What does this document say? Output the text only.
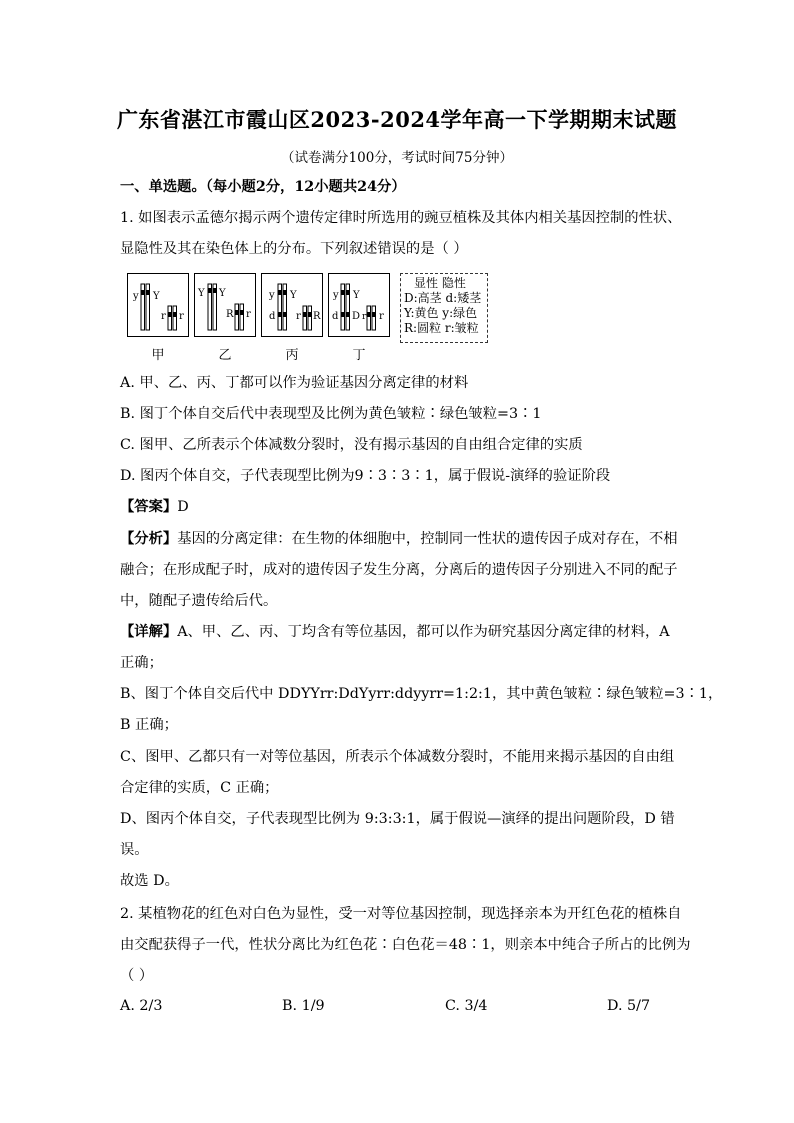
广东省湛江市霞山区2023-2024学年高一下学期期末试题
（试卷满分100分，考试时间75分钟）
一、单选题。（每小题2分，12小题共24分）
1. 如图表示孟德尔揭示两个遗传定律时所选用的豌豆植株及其体内相关基因控制的性状、
显隐性及其在染色体上的分布。下列叙述错误的是（ ）
y Y
r r
甲
Y Y
R r
乙
y Y
d r R
丙
y Y
d D r r
丁
显性 隐性
D:高茎 d:矮茎
Y:黄色 y:绿色
R:圆粒 r:皱粒
A. 甲、乙、丙、丁都可以作为验证基因分离定律的材料
B. 图丁个体自交后代中表现型及比例为黄色皱粒∶绿色皱粒=3∶1
C. 图甲、乙所表示个体减数分裂时，没有揭示基因的自由组合定律的实质
D. 图丙个体自交，子代表现型比例为9∶3∶3∶1，属于假说-演绎的验证阶段
【答案】D
【分析】基因的分离定律：在生物的体细胞中，控制同一性状的遗传因子成对存在，不相
融合；在形成配子时，成对的遗传因子发生分离，分离后的遗传因子分别进入不同的配子
中，随配子遗传给后代。
【详解】A、甲、乙、丙、丁均含有等位基因，都可以作为研究基因分离定律的材料，A
正确；
B、图丁个体自交后代中 DDYYrr:DdYyrr:ddyyrr=1:2:1，其中黄色皱粒∶绿色皱粒=3∶1，
B 正确；
C、图甲、乙都只有一对等位基因，所表示个体减数分裂时，不能用来揭示基因的自由组
合定律的实质，C 正确；
D、图丙个体自交，子代表现型比例为 9:3:3:1，属于假说—演绎的提出问题阶段，D 错
误。
故选 D。
2. 某植物花的红色对白色为显性，受一对等位基因控制，现选择亲本为开红色花的植株自
由交配获得子一代，性状分离比为红色花∶白色花＝48∶1，则亲本中纯合子所占的比例为
（ ）
A. 2/3	B. 1/9	C. 3/4	D. 5/7
